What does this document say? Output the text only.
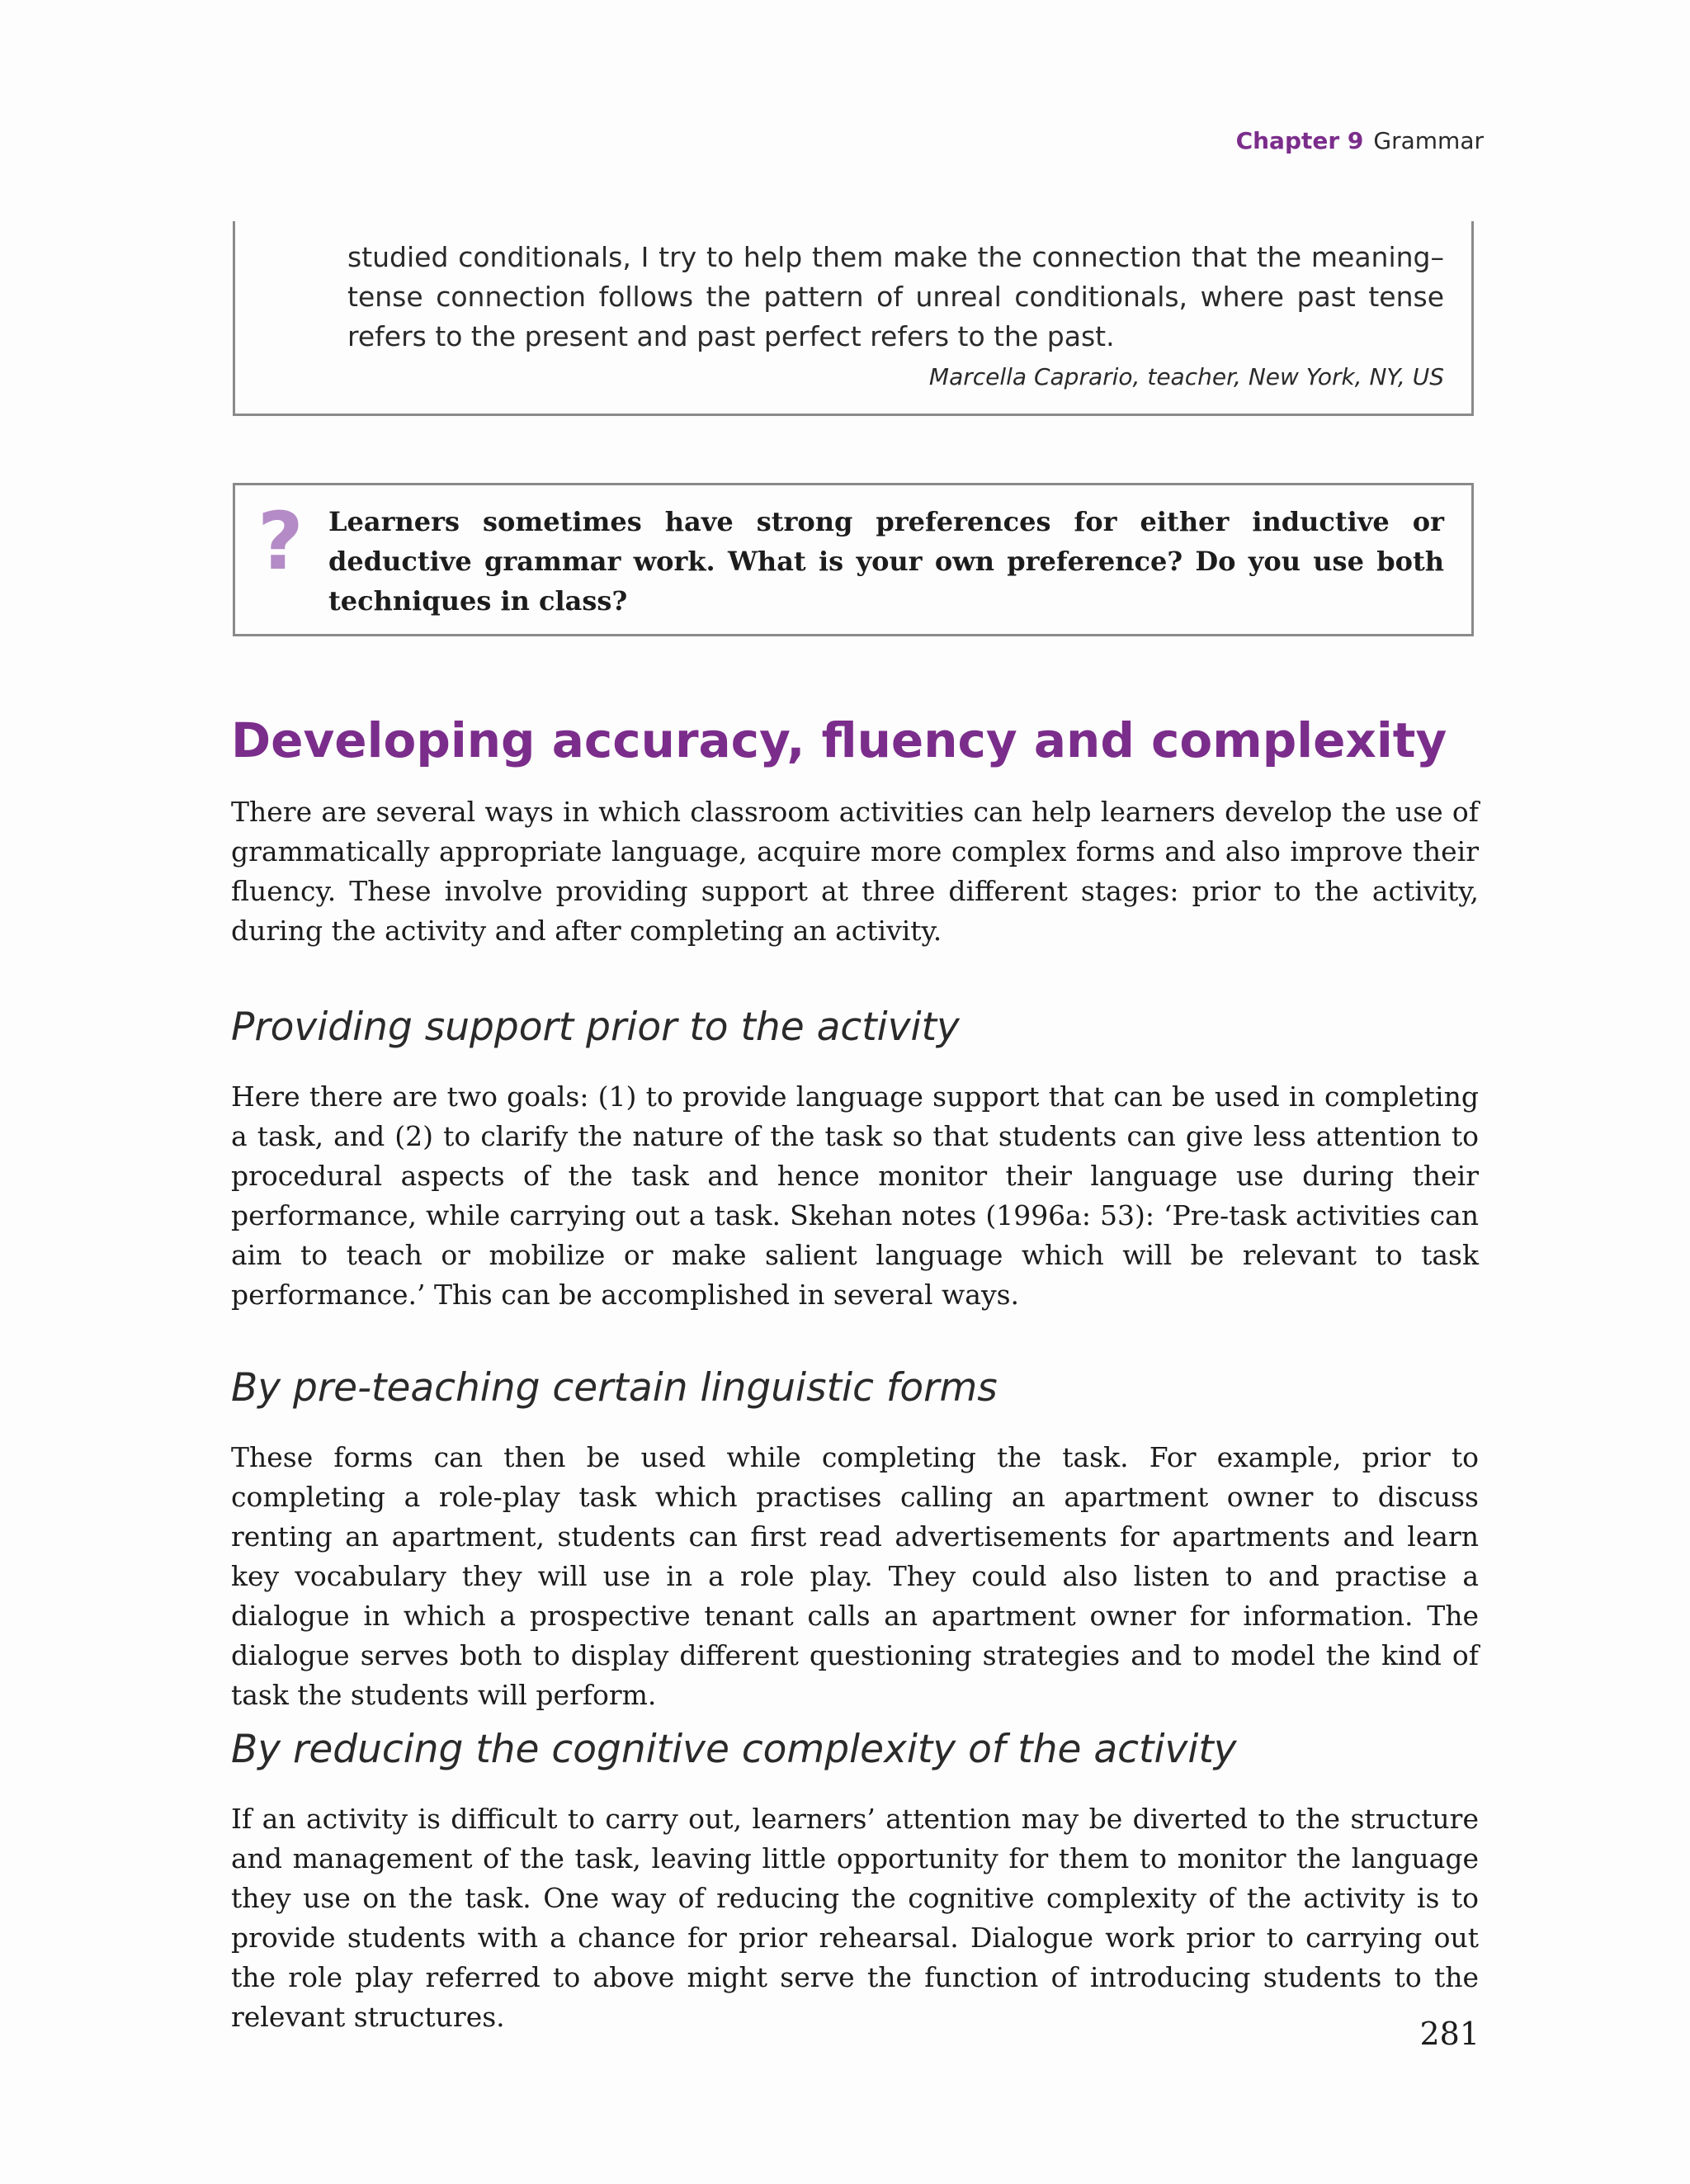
Chapter 9 Grammar
studied conditionals, I try to help them make the connection that the meaning–tense connection follows the pattern of unreal conditionals, where past tense refers to the present and past perfect refers to the past.
Marcella Caprario, teacher, New York, NY, US
? Learners sometimes have strong preferences for either inductive or deductive grammar work. What is your own preference? Do you use both techniques in class?
Developing accuracy, fluency and complexity

There are several ways in which classroom activities can help learners develop the use of grammatically appropriate language, acquire more complex forms and also improve their fluency. These involve providing support at three different stages: prior to the activity, during the activity and after completing an activity.

Providing support prior to the activity

Here there are two goals: (1) to provide language support that can be used in completing a task, and (2) to clarify the nature of the task so that students can give less attention to procedural aspects of the task and hence monitor their language use during their performance, while carrying out a task. Skehan notes (1996a: 53): ‘Pre-task activities can aim to teach or mobilize or make salient language which will be relevant to task performance.’ This can be accomplished in several ways.

By pre-teaching certain linguistic forms

These forms can then be used while completing the task. For example, prior to completing a role-play task which practises calling an apartment owner to discuss renting an apartment, students can first read advertisements for apartments and learn key vocabulary they will use in a role play. They could also listen to and practise a dialogue in which a prospective tenant calls an apartment owner for information. The dialogue serves both to display different questioning strategies and to model the kind of task the students will perform.

By reducing the cognitive complexity of the activity

If an activity is difficult to carry out, learners’ attention may be diverted to the structure and management of the task, leaving little opportunity for them to monitor the language they use on the task. One way of reducing the cognitive complexity of the activity is to provide students with a chance for prior rehearsal. Dialogue work prior to carrying out the role play referred to above might serve the function of introducing students to the relevant structures.	281
